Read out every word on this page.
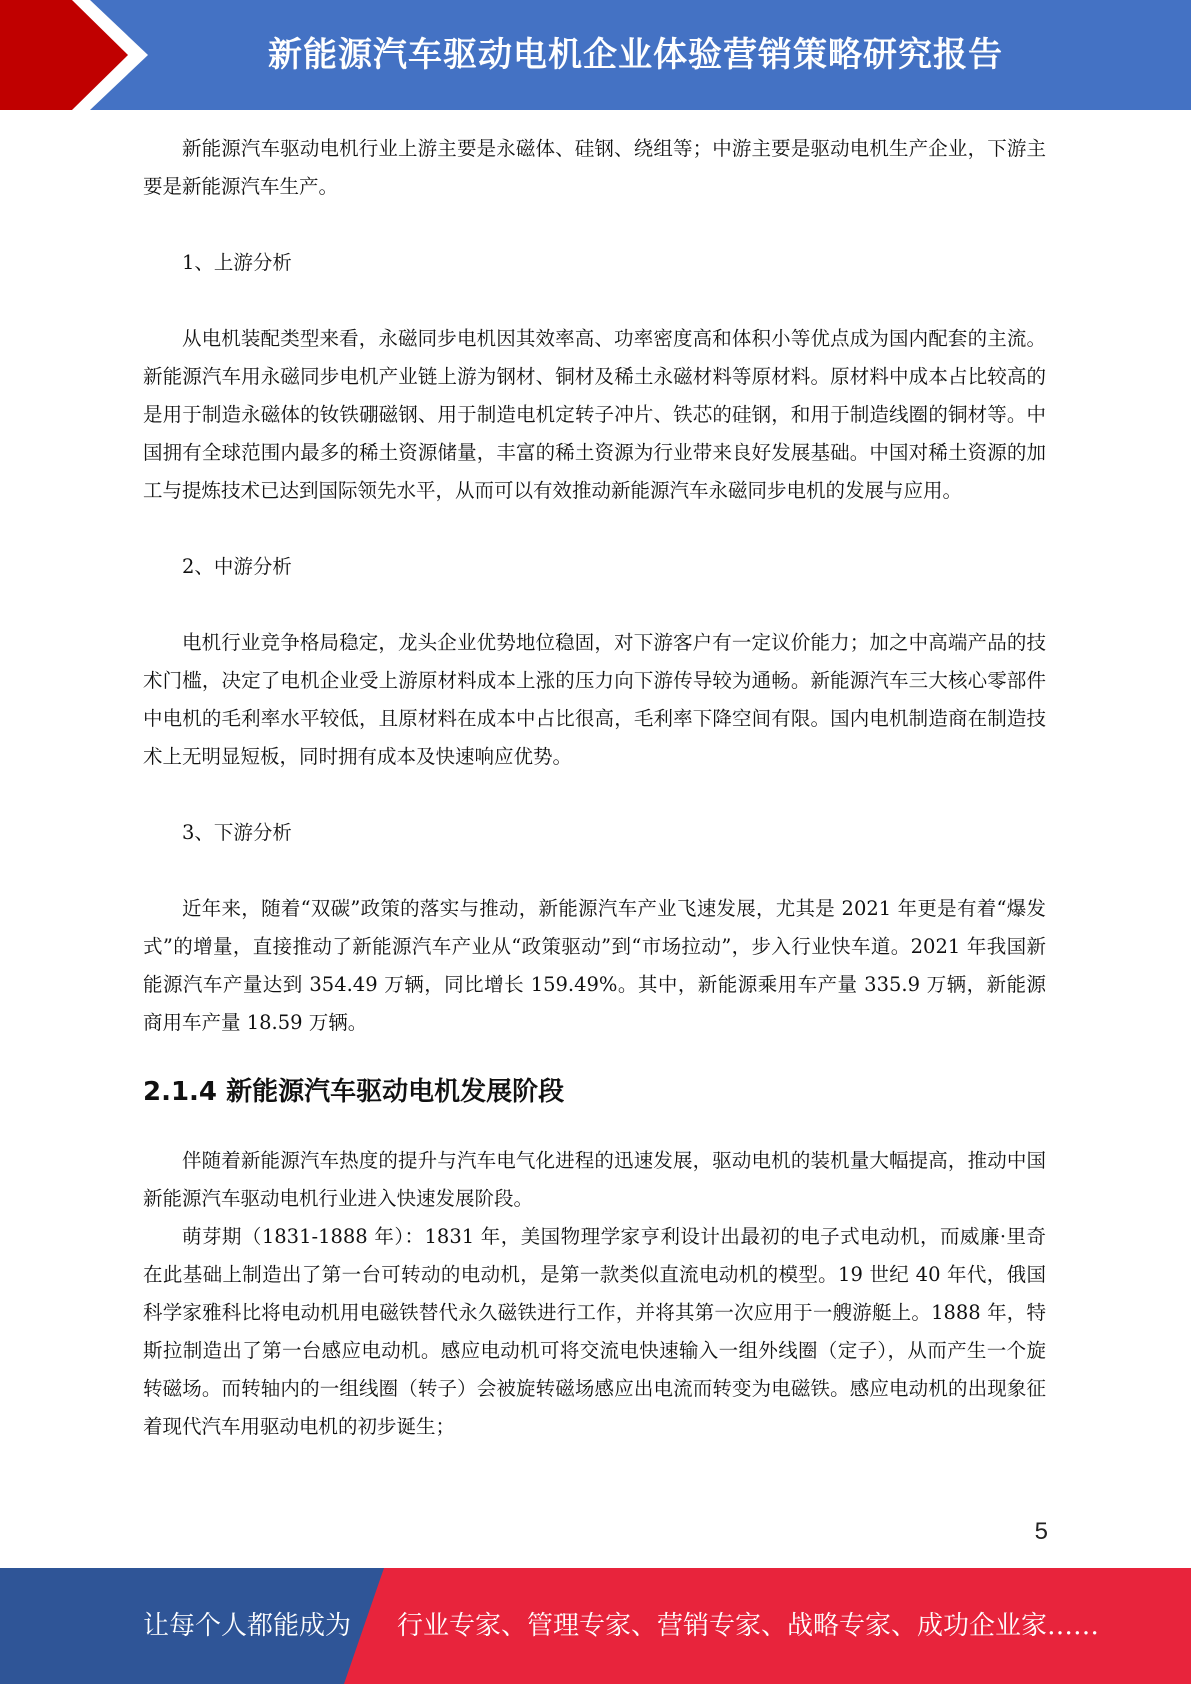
新能源汽车驱动电机企业体验营销策略研究报告

新能源汽车驱动电机行业上游主要是永磁体、硅钢、绕组等；中游主要是驱动电机生产企业，下游主要是新能源汽车生产。

1、上游分析

从电机装配类型来看，永磁同步电机因其效率高、功率密度高和体积小等优点成为国内配套的主流。新能源汽车用永磁同步电机产业链上游为钢材、铜材及稀土永磁材料等原材料。原材料中成本占比较高的是用于制造永磁体的钕铁硼磁钢、用于制造电机定转子冲片、铁芯的硅钢，和用于制造线圈的铜材等。中国拥有全球范围内最多的稀土资源储量，丰富的稀土资源为行业带来良好发展基础。中国对稀土资源的加工与提炼技术已达到国际领先水平，从而可以有效推动新能源汽车永磁同步电机的发展与应用。

2、中游分析

电机行业竞争格局稳定，龙头企业优势地位稳固，对下游客户有一定议价能力；加之中高端产品的技术门槛，决定了电机企业受上游原材料成本上涨的压力向下游传导较为通畅。新能源汽车三大核心零部件中电机的毛利率水平较低，且原材料在成本中占比很高，毛利率下降空间有限。国内电机制造商在制造技术上无明显短板，同时拥有成本及快速响应优势。

3、下游分析

近年来，随着“双碳”政策的落实与推动，新能源汽车产业飞速发展，尤其是 2021 年更是有着“爆发式”的增量，直接推动了新能源汽车产业从“政策驱动”到“市场拉动”，步入行业快车道。2021 年我国新能源汽车产量达到 354.49 万辆，同比增长 159.49%。其中，新能源乘用车产量 335.9 万辆，新能源商用车产量 18.59 万辆。

2.1.4 新能源汽车驱动电机发展阶段

伴随着新能源汽车热度的提升与汽车电气化进程的迅速发展，驱动电机的装机量大幅提高，推动中国新能源汽车驱动电机行业进入快速发展阶段。

萌芽期（1831-1888 年）：1831 年，美国物理学家亨利设计出最初的电子式电动机，而威廉·里奇在此基础上制造出了第一台可转动的电动机，是第一款类似直流电动机的模型。19 世纪 40 年代，俄国科学家雅科比将电动机用电磁铁替代永久磁铁进行工作，并将其第一次应用于一艘游艇上。1888 年，特斯拉制造出了第一台感应电动机。感应电动机可将交流电快速输入一组外线圈（定子），从而产生一个旋转磁场。而转轴内的一组线圈（转子）会被旋转磁场感应出电流而转变为电磁铁。感应电动机的出现象征着现代汽车用驱动电机的初步诞生；

5
让每个人都能成为 行业专家、管理专家、营销专家、战略专家、成功企业家……
